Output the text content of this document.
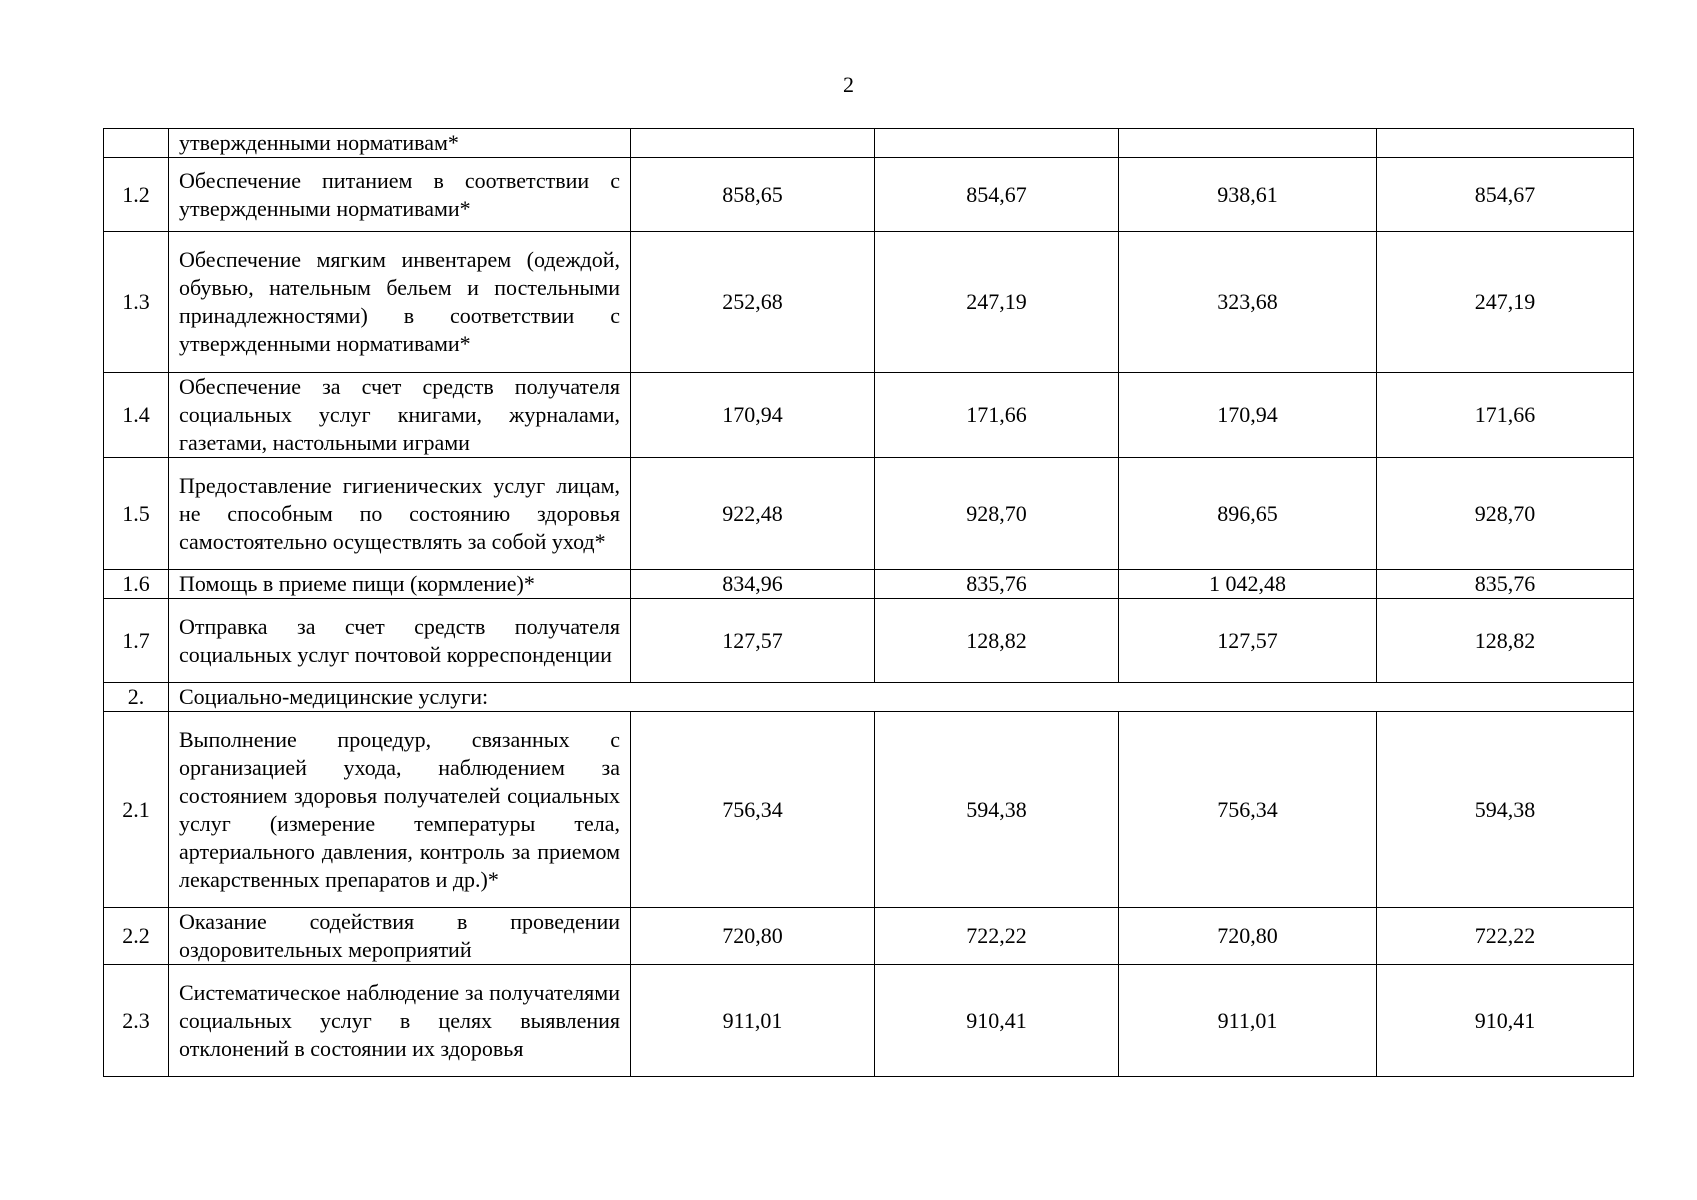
2
	утвержденными нормативам*				
1.2	Обеспечение питанием в соответствии с утвержденными нормативами*	858,65	854,67	938,61	854,67
1.3	Обеспечение мягким инвентарем (одеждой, обувью, нательным бельем и постельными принадлежностями) в соответствии с утвержденными нормативами*	252,68	247,19	323,68	247,19
1.4	Обеспечение за счет средств получателя социальных услуг книгами, журналами, газетами, настольными играми	170,94	171,66	170,94	171,66
1.5	Предоставление гигиенических услуг лицам, не способным по состоянию здоровья самостоятельно осуществлять за собой уход*	922,48	928,70	896,65	928,70
1.6	Помощь в приеме пищи (кормление)*	834,96	835,76	1 042,48	835,76
1.7	Отправка за счет средств получателя социальных услуг почтовой корреспонденции	127,57	128,82	127,57	128,82
2.	Социально-медицинские услуги:				
2.1	Выполнение процедур, связанных с организацией ухода, наблюдением за состоянием здоровья получателей социальных услуг (измерение температуры тела, артериального давления, контроль за приемом лекарственных препаратов и др.)*	756,34	594,38	756,34	594,38
2.2	Оказание содействия в проведении оздоровительных мероприятий	720,80	722,22	720,80	722,22
2.3	Систематическое наблюдение за получателями социальных услуг в целях выявления отклонений в состоянии их здоровья	911,01	910,41	911,01	910,41
